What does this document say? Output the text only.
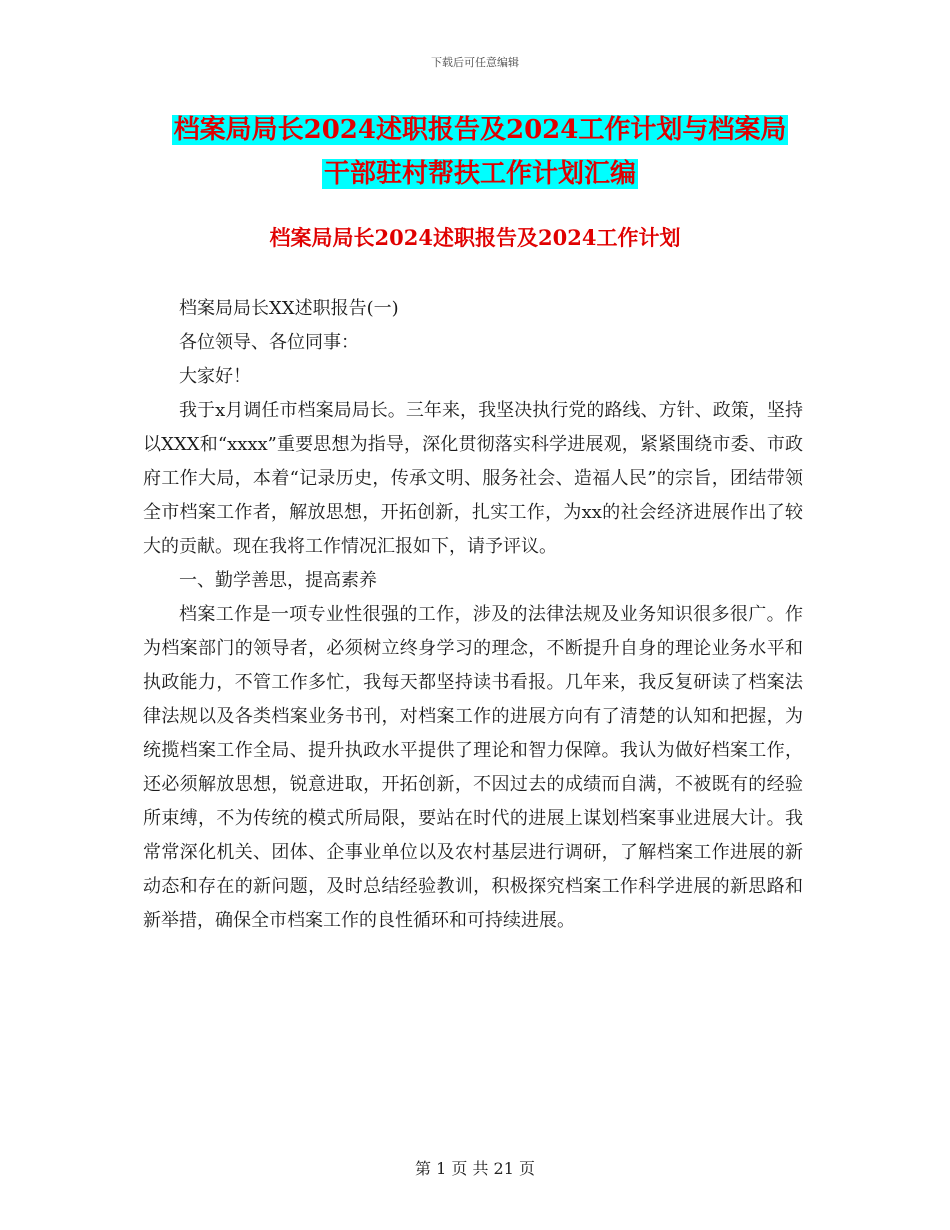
下载后可任意编辑
档案局局长2024述职报告及2024工作计划与档案局
干部驻村帮扶工作计划汇编
档案局局长2024述职报告及2024工作计划

档案局局长XX述职报告(一)

各位领导、各位同事：

大家好！

我于x月调任市档案局局长。三年来，我坚决执行党的路线、方针、政策，坚持以XXX和“xxxx”重要思想为指导，深化贯彻落实科学进展观，紧紧围绕市委、市政府工作大局，本着“记录历史，传承文明、服务社会、造福人民”的宗旨，团结带领全市档案工作者，解放思想，开拓创新，扎实工作，为xx的社会经济进展作出了较大的贡献。现在我将工作情况汇报如下，请予评议。

一、勤学善思，提高素养

档案工作是一项专业性很强的工作，涉及的法律法规及业务知识很多很广。作为档案部门的领导者，必须树立终身学习的理念，不断提升自身的理论业务水平和执政能力，不管工作多忙，我每天都坚持读书看报。几年来，我反复研读了档案法律法规以及各类档案业务书刊，对档案工作的进展方向有了清楚的认知和把握，为统揽档案工作全局、提升执政水平提供了理论和智力保障。我认为做好档案工作，还必须解放思想，锐意进取，开拓创新，不因过去的成绩而自满，不被既有的经验所束缚，不为传统的模式所局限，要站在时代的进展上谋划档案事业进展大计。我常常深化机关、团体、企事业单位以及农村基层进行调研，了解档案工作进展的新动态和存在的新问题，及时总结经验教训，积极探究档案工作科学进展的新思路和新举措，确保全市档案工作的良性循环和可持续进展。

第 1 页 共 21 页
